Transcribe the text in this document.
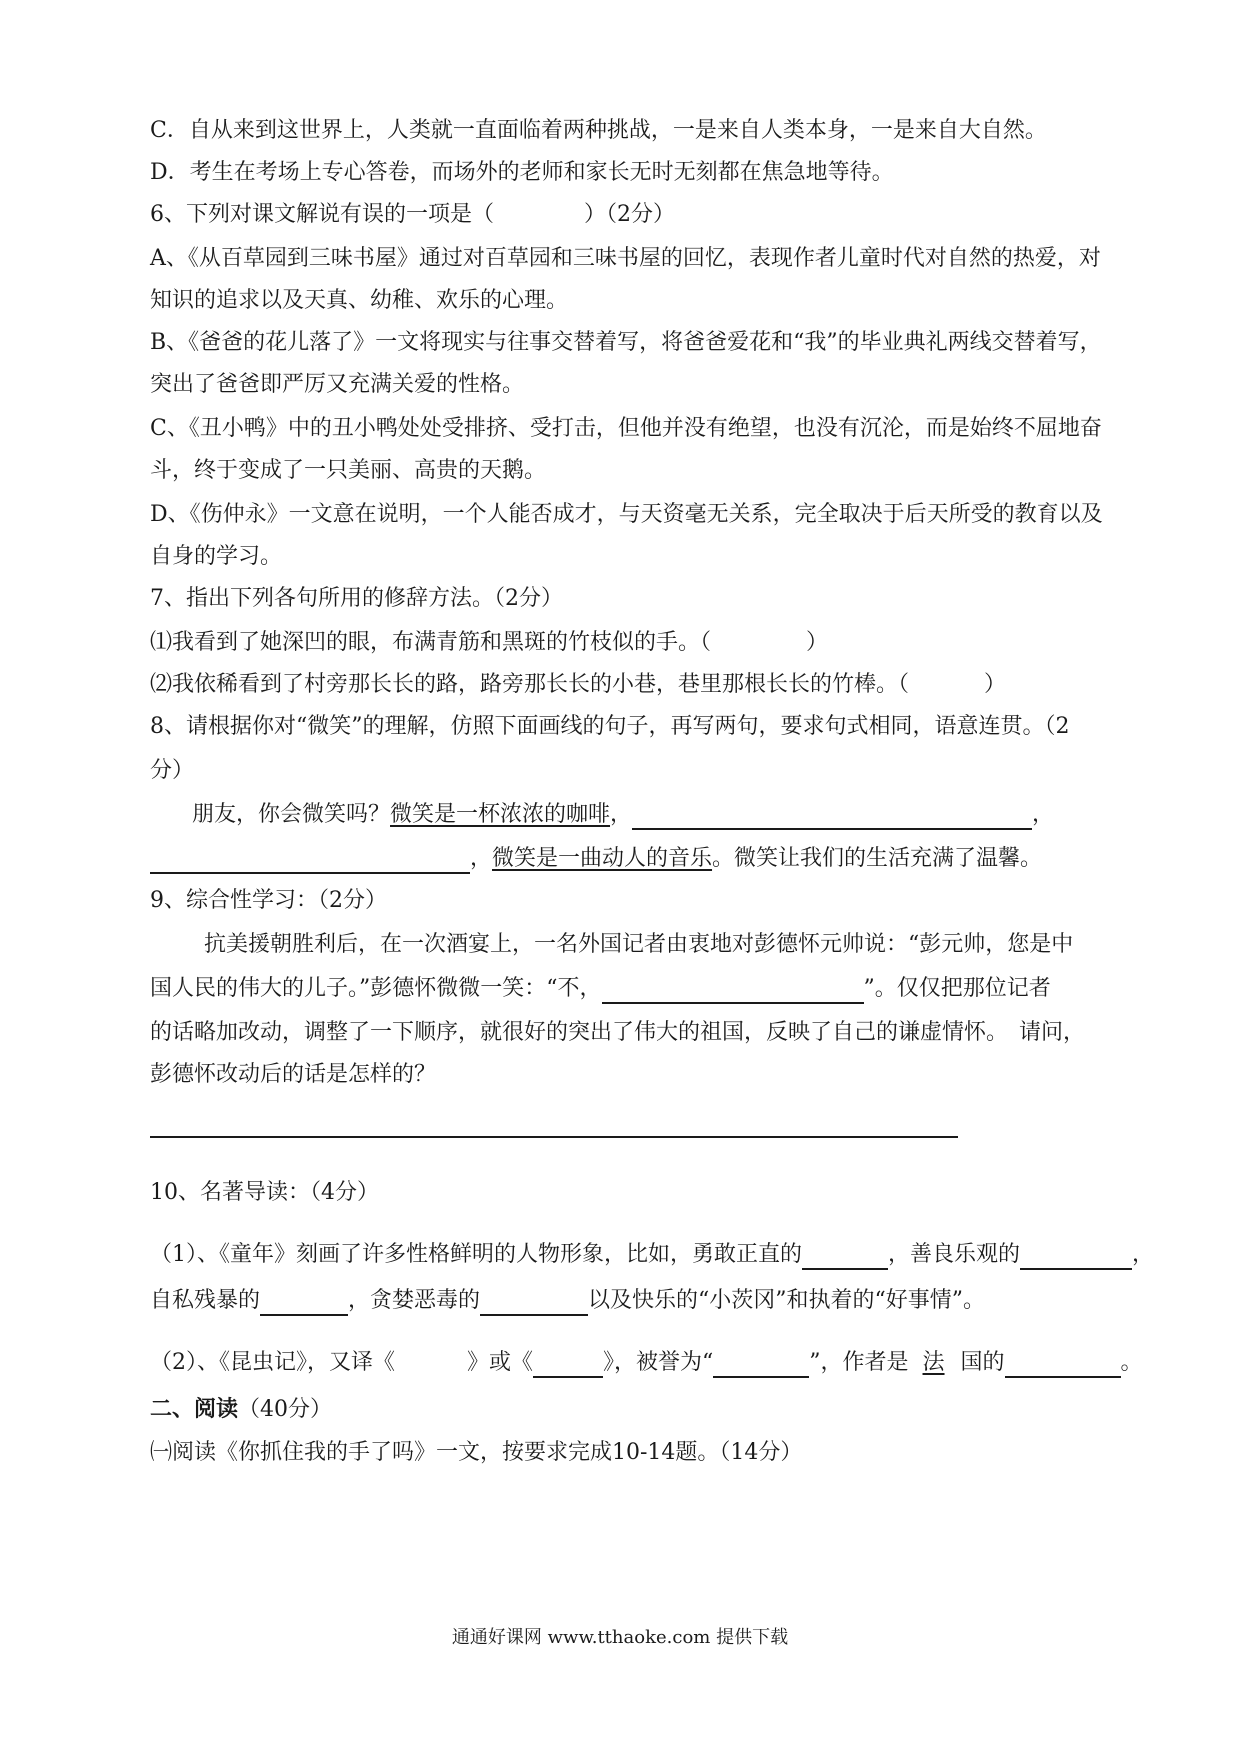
C．自从来到这世界上，人类就一直面临着两种挑战，一是来自人类本身，一是来自大自然。
D．考生在考场上专心答卷，而场外的老师和家长无时无刻都在焦急地等待。
6、下列对课文解说有误的一项是（	）（2分）
A、《从百草园到三味书屋》通过对百草园和三味书屋的回忆，表现作者儿童时代对自然的热爱，对
知识的追求以及天真、幼稚、欢乐的心理。
B、《爸爸的花儿落了》一文将现实与往事交替着写，将爸爸爱花和“我”的毕业典礼两线交替着写，
突出了爸爸即严厉又充满关爱的性格。
C、《丑小鸭》中的丑小鸭处处受排挤、受打击，但他并没有绝望，也没有沉沦，而是始终不屈地奋
斗，终于变成了一只美丽、高贵的天鹅。
D、《伤仲永》一文意在说明，一个人能否成才，与天资毫无关系，完全取决于后天所受的教育以及
自身的学习。
7、指出下列各句所用的修辞方法。（2分）
⑴我看到了她深凹的眼，布满青筋和黑斑的竹枝似的手。（	）
⑵我依稀看到了村旁那长长的路，路旁那长长的小巷，巷里那根长长的竹棒。（	）
8、请根据你对“微笑”的理解，仿照下面画线的句子，再写两句，要求句式相同，语意连贯。（2
分）
朋友，你会微笑吗？微笑是一杯浓浓的咖啡，	，
，微笑是一曲动人的音乐。微笑让我们的生活充满了温馨。
9、综合性学习：（2分）
抗美援朝胜利后，在一次酒宴上，一名外国记者由衷地对彭德怀元帅说：“彭元帅，您是中
国人民的伟大的儿子。”彭德怀微微一笑：“不，	”。仅仅把那位记者
的话略加改动，调整了一下顺序，就很好的突出了伟大的祖国，反映了自己的谦虚情怀。　请问，
彭德怀改动后的话是怎样的？
10、名著导读：（4分）
（1）、《童年》刻画了许多性格鲜明的人物形象，比如，勇敢正直的	，善良乐观的	，
自私残暴的	，贪婪恶毒的	以及快乐的“小茨冈”和执着的“好事情”。
（2）、《昆虫记》，又译《	》或《	》，被誉为“	”，作者是 法 国的	。
二、阅读（40分）
㈠阅读《你抓住我的手了吗》一文，按要求完成10-14题。（14分）
通通好课网 www.tthaoke.com 提供下载
